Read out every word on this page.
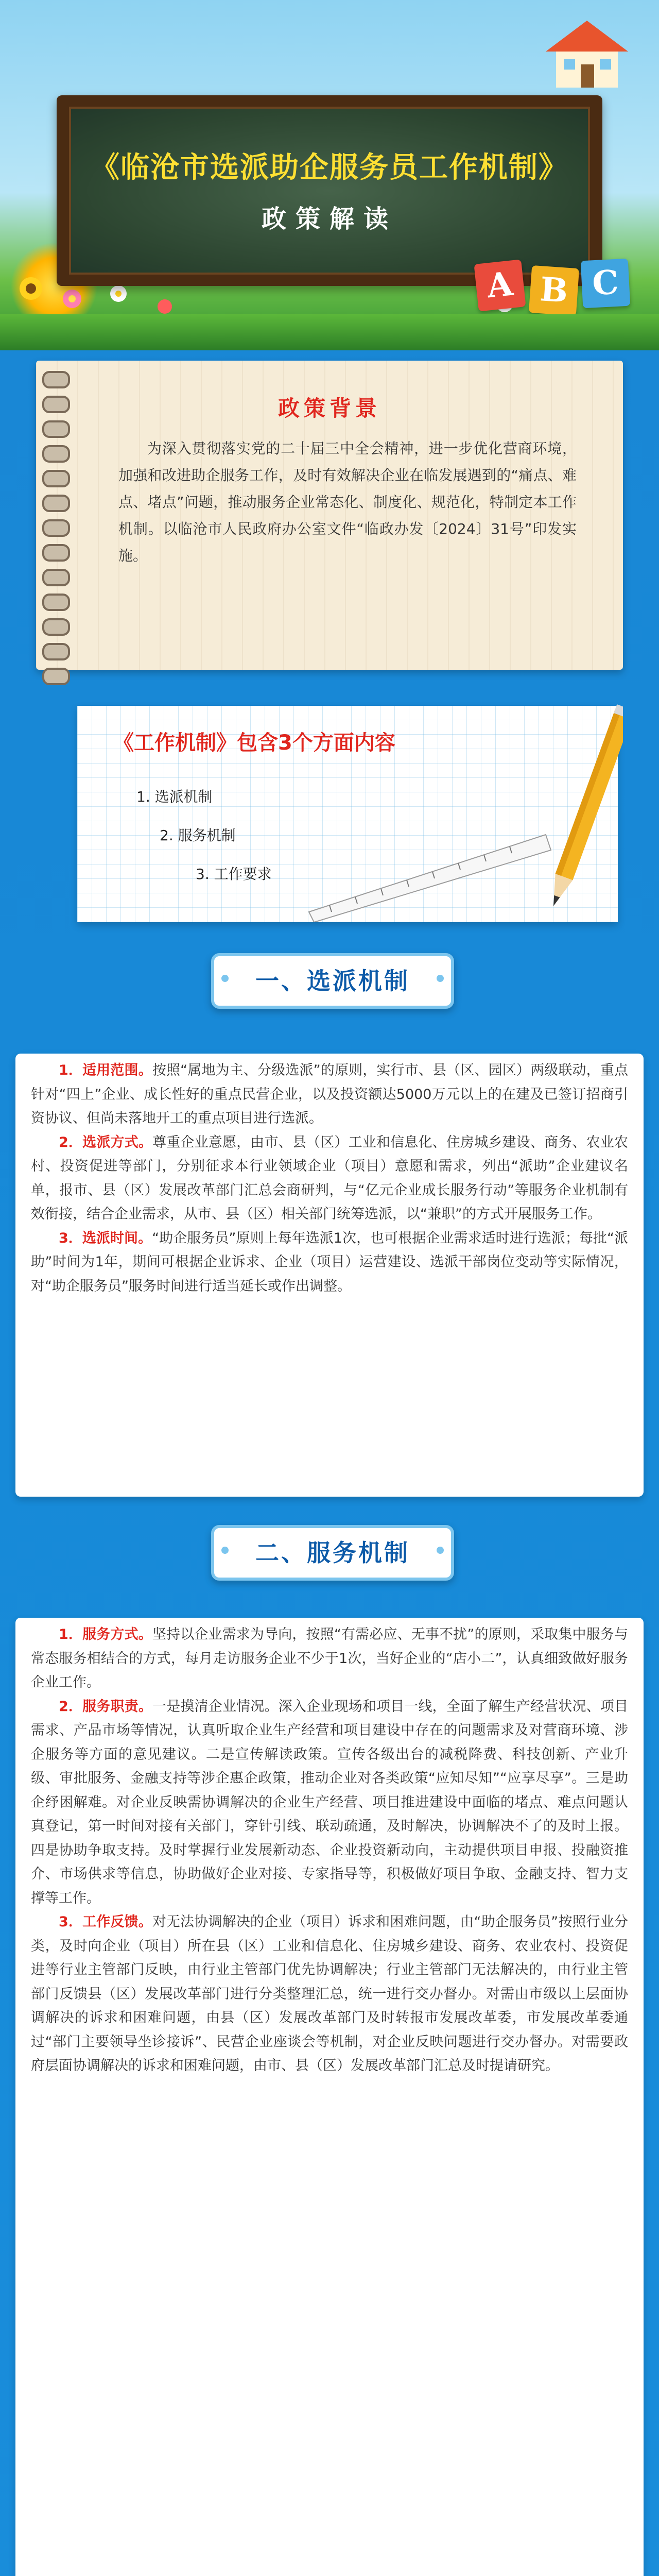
《临沧市选派助企服务员工作机制》
政策解读
A B C
政策背景
为深入贯彻落实党的二十届三中全会精神，进一步优化营商环境，加强和改进助企服务工作，及时有效解决企业在临发展遇到的“痛点、难点、堵点”问题，推动服务企业常态化、制度化、规范化，特制定本工作机制。以临沧市人民政府办公室文件“临政办发〔2024〕31号”印发实施。
《工作机制》包含3个方面内容
1. 选派机制
2. 服务机制
3. 工作要求
一、选派机制

1．适用范围。按照“属地为主、分级选派”的原则，实行市、县（区、园区）两级联动，重点针对“四上”企业、成长性好的重点民营企业，以及投资额达5000万元以上的在建及已签订招商引资协议、但尚未落地开工的重点项目进行选派。

2．选派方式。尊重企业意愿，由市、县（区）工业和信息化、住房城乡建设、商务、农业农村、投资促进等部门，分别征求本行业领域企业（项目）意愿和需求，列出“派助”企业建议名单，报市、县（区）发展改革部门汇总会商研判，与“亿元企业成长服务行动”等服务企业机制有效衔接，结合企业需求，从市、县（区）相关部门统筹选派，以“兼职”的方式开展服务工作。

3．选派时间。“助企服务员”原则上每年选派1次，也可根据企业需求适时进行选派；每批“派助”时间为1年，期间可根据企业诉求、企业（项目）运营建设、选派干部岗位变动等实际情况，对“助企服务员”服务时间进行适当延长或作出调整。

二、服务机制

1．服务方式。坚持以企业需求为导向，按照“有需必应、无事不扰”的原则，采取集中服务与常态服务相结合的方式，每月走访服务企业不少于1次，当好企业的“店小二”，认真细致做好服务企业工作。

2．服务职责。一是摸清企业情况。深入企业现场和项目一线，全面了解生产经营状况、项目需求、产品市场等情况，认真听取企业生产经营和项目建设中存在的问题需求及对营商环境、涉企服务等方面的意见建议。二是宣传解读政策。宣传各级出台的减税降费、科技创新、产业升级、审批服务、金融支持等涉企惠企政策，推动企业对各类政策“应知尽知”“应享尽享”。三是助企纾困解难。对企业反映需协调解决的企业生产经营、项目推进建设中面临的堵点、难点问题认真登记，第一时间对接有关部门，穿针引线、联动疏通，及时解决，协调解决不了的及时上报。四是协助争取支持。及时掌握行业发展新动态、企业投资新动向，主动提供项目申报、投融资推介、市场供求等信息，协助做好企业对接、专家指导等，积极做好项目争取、金融支持、智力支撑等工作。

3．工作反馈。对无法协调解决的企业（项目）诉求和困难问题，由“助企服务员”按照行业分类，及时向企业（项目）所在县（区）工业和信息化、住房城乡建设、商务、农业农村、投资促进等行业主管部门反映，由行业主管部门优先协调解决；行业主管部门无法解决的，由行业主管部门反馈县（区）发展改革部门进行分类整理汇总，统一进行交办督办。对需由市级以上层面协调解决的诉求和困难问题，由县（区）发展改革部门及时转报市发展改革委，市发展改革委通过“部门主要领导坐诊接诉”、民营企业座谈会等机制，对企业反映问题进行交办督办。对需要政府层面协调解决的诉求和困难问题，由市、县（区）发展改革部门汇总及时提请研究。
